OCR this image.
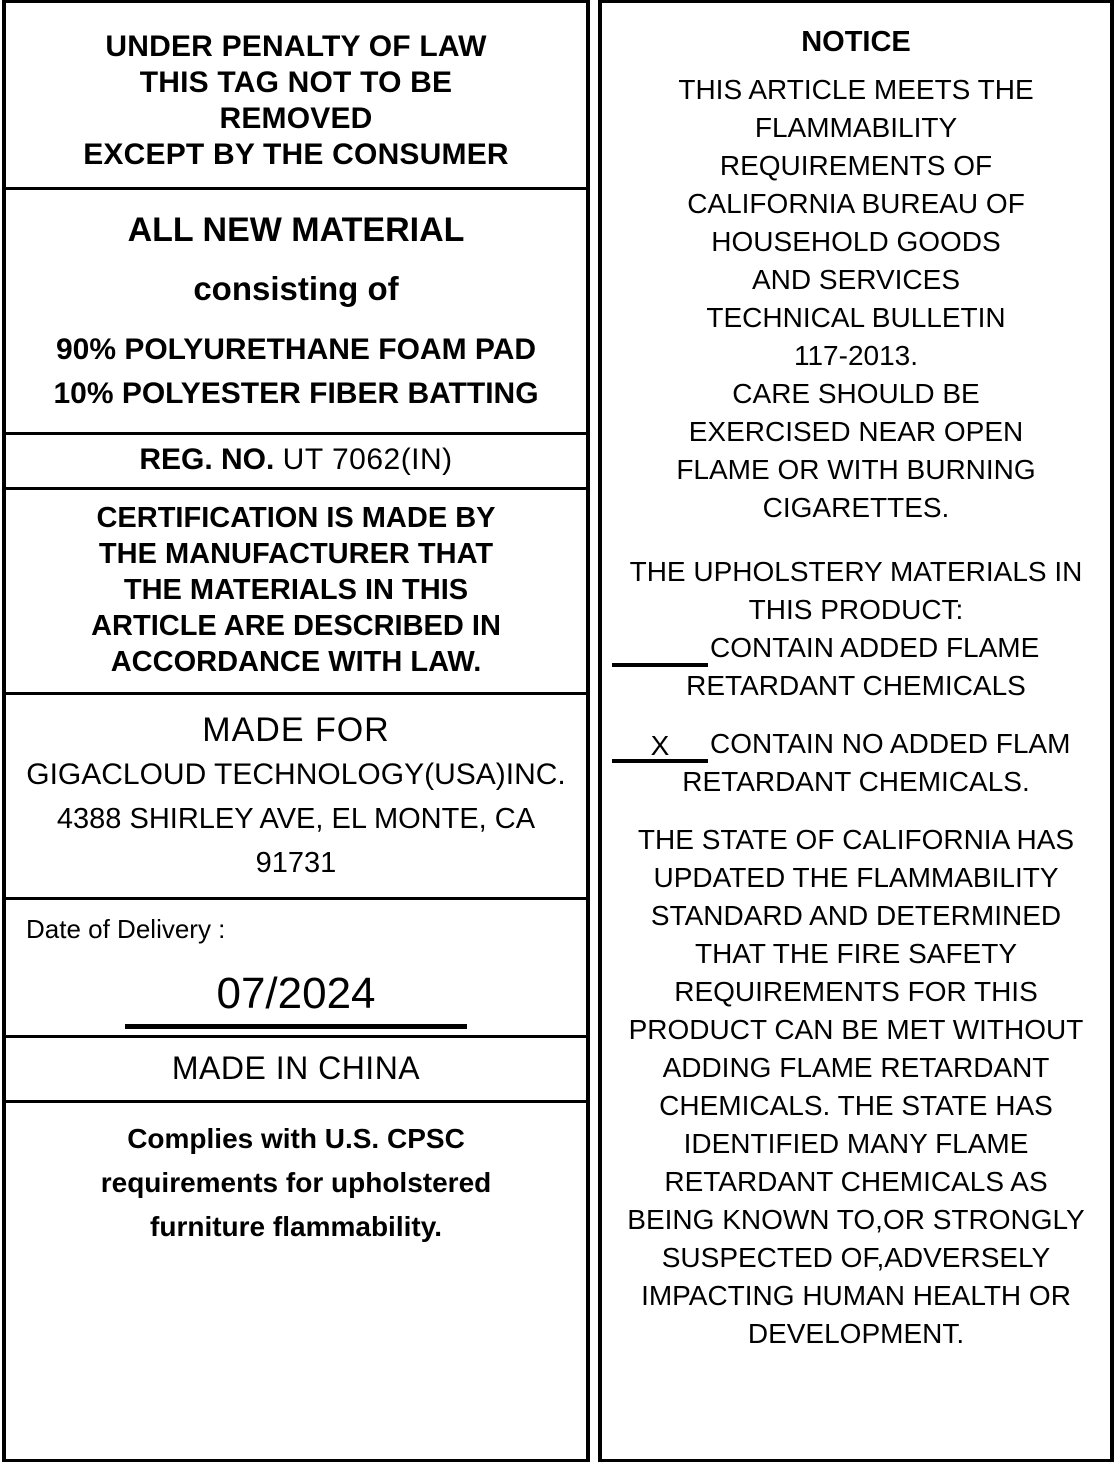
UNDER PENALTY OF LAW
THIS TAG NOT TO BE
REMOVED
EXCEPT BY THE CONSUMER
ALL NEW MATERIAL
consisting of
90% POLYURETHANE FOAM PAD
10% POLYESTER FIBER BATTING
REG. NO. UT 7062(IN)
CERTIFICATION IS MADE BY
THE MANUFACTURER THAT
THE MATERIALS IN THIS
ARTICLE ARE DESCRIBED IN
ACCORDANCE WITH LAW.
MADE FOR
GIGACLOUD TECHNOLOGY(USA)INC.
4388 SHIRLEY AVE, EL MONTE, CA
91731
Date of Delivery :
07/2024
MADE IN CHINA
Complies with U.S. CPSC
requirements for upholstered
furniture flammability.
NOTICE
THIS ARTICLE MEETS THE
FLAMMABILITY
REQUIREMENTS OF
CALIFORNIA BUREAU OF
HOUSEHOLD GOODS
AND SERVICES
TECHNICAL BULLETIN
117-2013.
CARE SHOULD BE
EXERCISED NEAR OPEN
FLAME OR WITH BURNING
CIGARETTES.
THE UPHOLSTERY MATERIALS IN
THIS PRODUCT:
CONTAIN ADDED FLAME
RETARDANT CHEMICALS
X	CONTAIN NO ADDED FLAM
RETARDANT CHEMICALS.
THE STATE OF CALIFORNIA HAS
UPDATED THE FLAMMABILITY
STANDARD AND DETERMINED
THAT THE FIRE SAFETY
REQUIREMENTS FOR THIS
PRODUCT CAN BE MET WITHOUT
ADDING FLAME RETARDANT
CHEMICALS. THE STATE HAS
IDENTIFIED MANY FLAME
RETARDANT CHEMICALS AS
BEING KNOWN TO,OR STRONGLY
SUSPECTED OF,ADVERSELY
IMPACTING HUMAN HEALTH OR
DEVELOPMENT.
